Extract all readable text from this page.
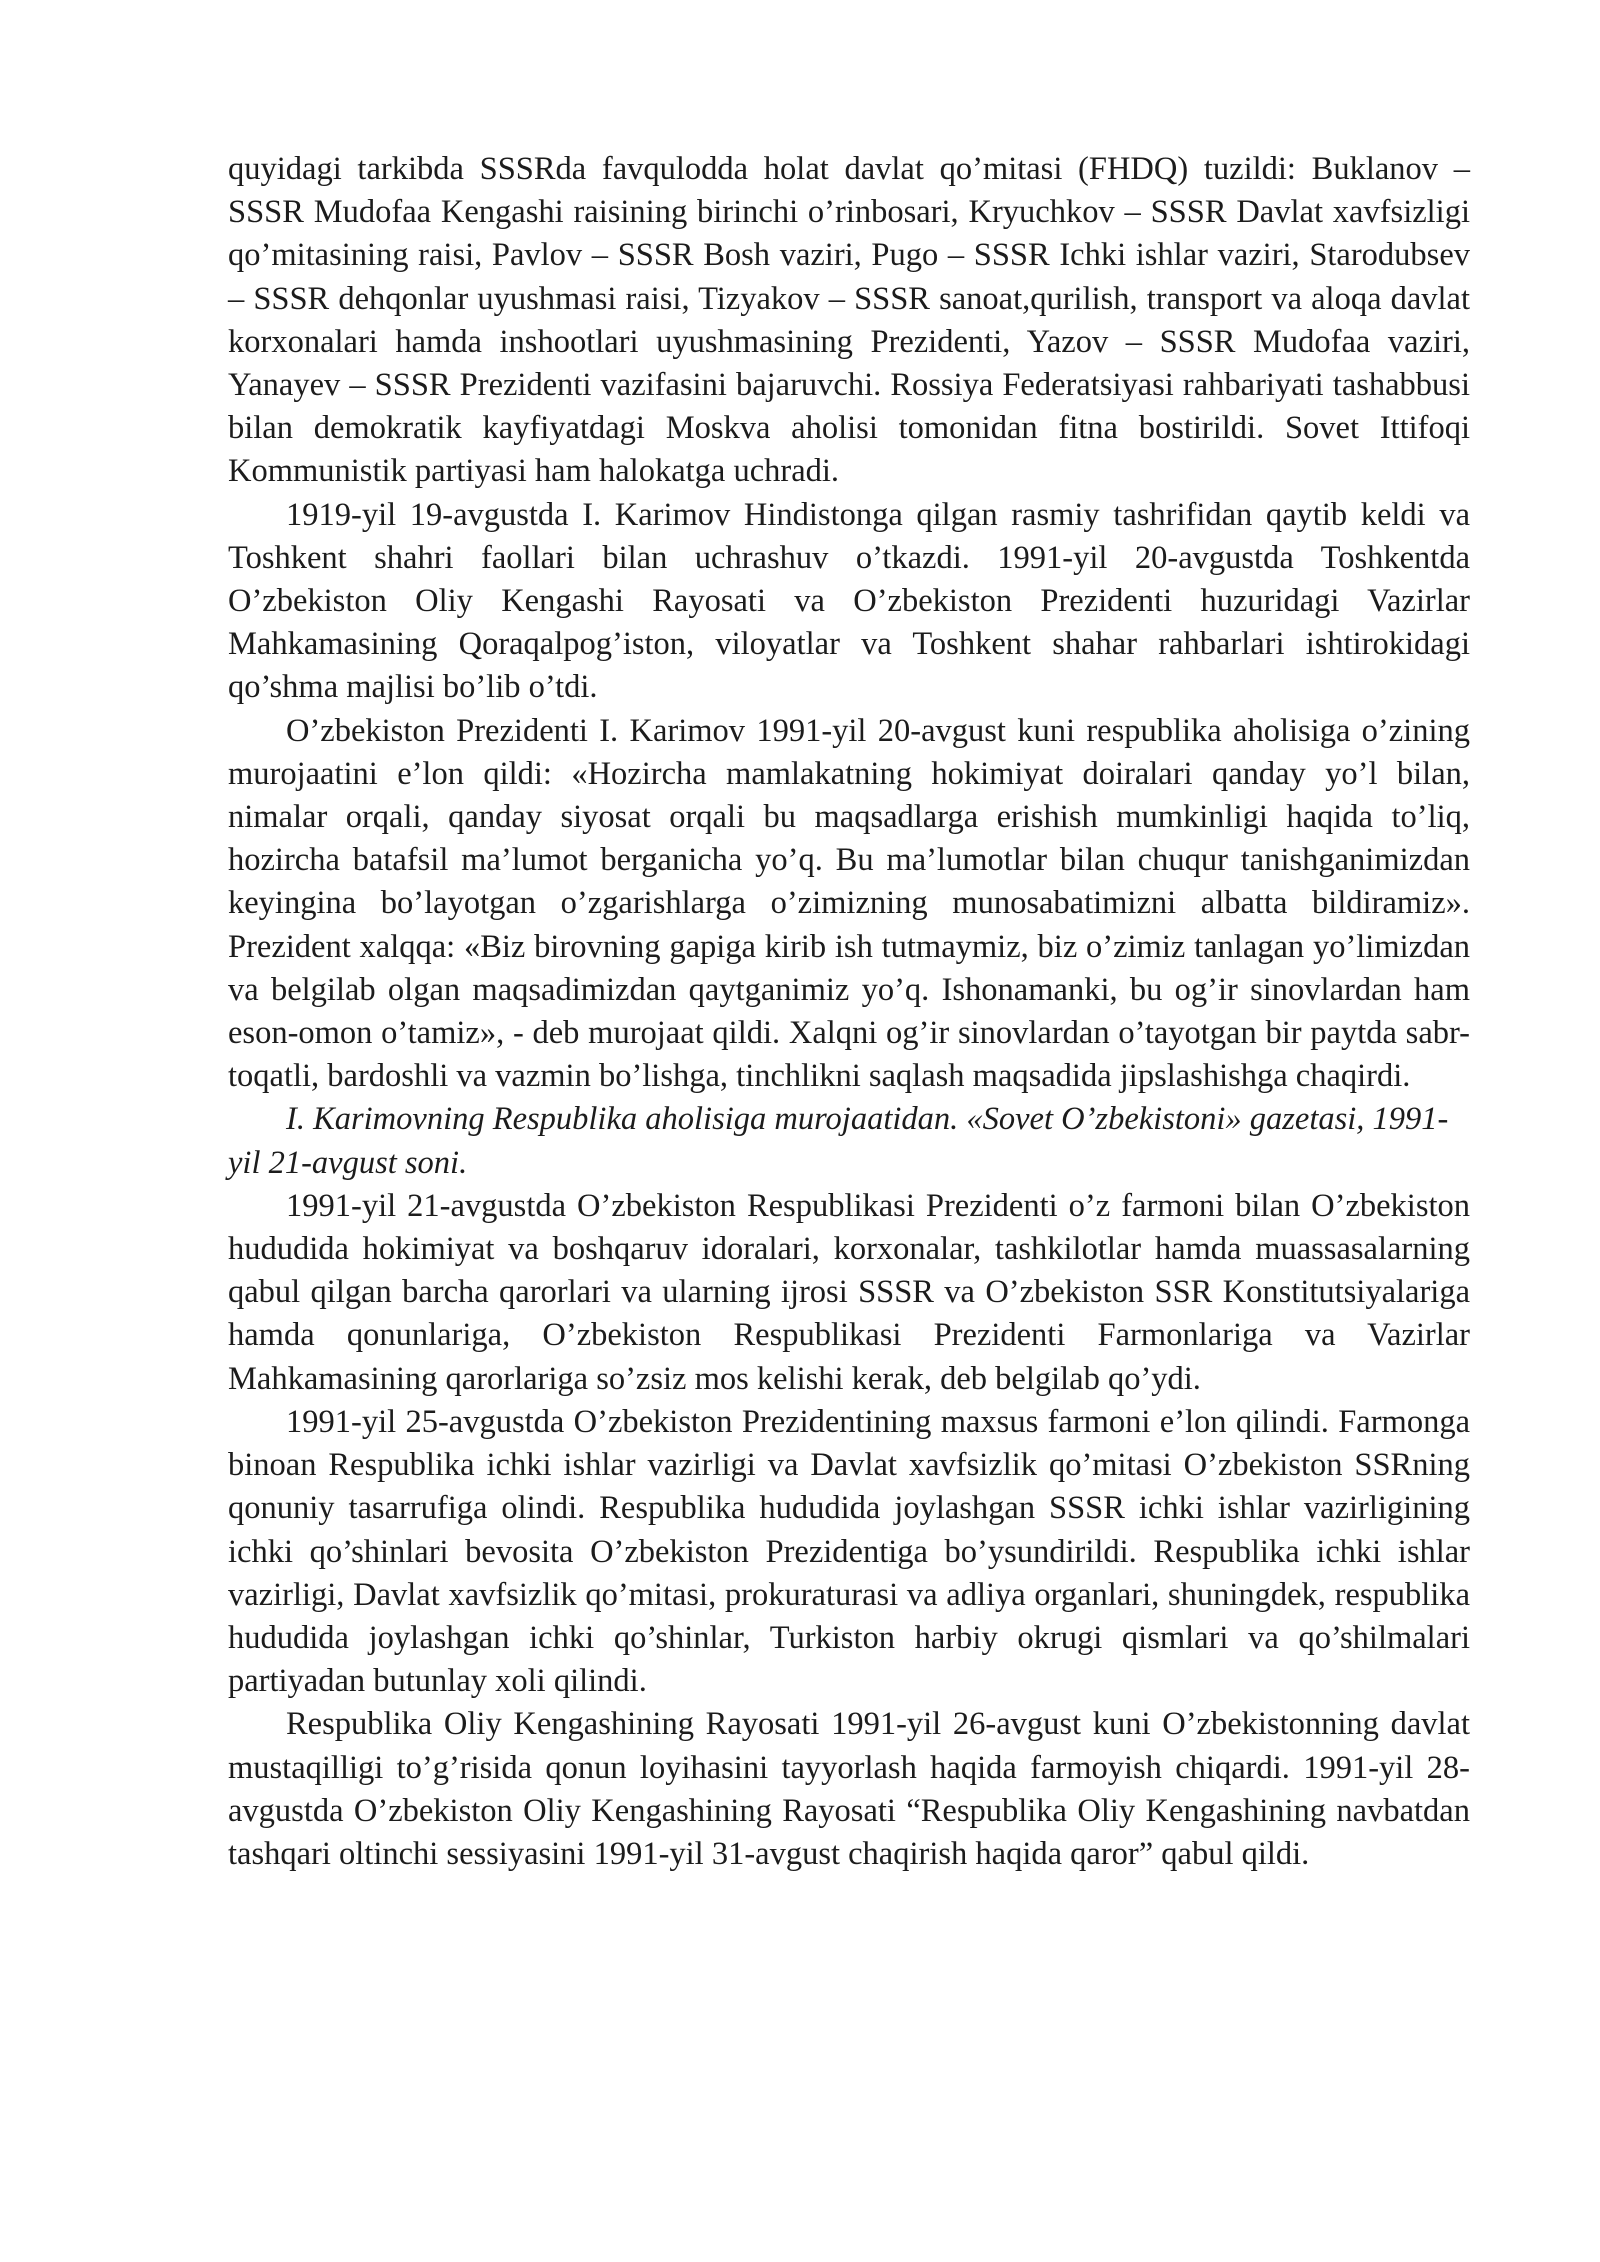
quyidagi tarkibda SSSRda favqulodda holat davlat qo’mitasi (FHDQ) tuzildi: Buklanov – SSSR Mudofaa Kengashi raisining birinchi o’rinbosari, Kryuchkov – SSSR Davlat xavfsizligi qo’mitasining raisi, Pavlov – SSSR Bosh vaziri, Pugo – SSSR Ichki ishlar vaziri, Starodubsev – SSSR dehqonlar uyushmasi raisi, Tizyakov – SSSR sanoat,qurilish, transport va aloqa davlat korxonalari hamda inshootlari uyushmasining Prezidenti, Yazov – SSSR Mudofaa vaziri, Yanayev – SSSR Prezidenti vazifasini bajaruvchi. Rossiya Federatsiyasi rahbariyati tashabbusi bilan demokratik kayfiyatdagi Moskva aholisi tomonidan fitna bostirildi. Sovet Ittifoqi Kommunistik partiyasi ham halokatga uchradi.

1919-yil 19-avgustda I. Karimov Hindistonga qilgan rasmiy tashrifidan qaytib keldi va Toshkent shahri faollari bilan uchrashuv o’tkazdi. 1991-yil 20-avgustda Toshkentda O’zbekiston Oliy Kengashi Rayosati va O’zbekiston Prezidenti huzuridagi Vazirlar Mahkamasining Qoraqalpog’iston, viloyatlar va Toshkent shahar rahbarlari ishtirokidagi qo’shma majlisi bo’lib o’tdi.

O’zbekiston Prezidenti I. Karimov 1991-yil 20-avgust kuni respublika aholisiga o’zining murojaatini e’lon qildi: «Hozircha mamlakatning hokimiyat doiralari qanday yo’l bilan, nimalar orqali, qanday siyosat orqali bu maqsadlarga erishish mumkinligi haqida to’liq, hozircha batafsil ma’lumot berganicha yo’q. Bu ma’lumotlar bilan chuqur tanishganimizdan keyingina bo’layotgan o’zgarishlarga o’zimizning munosabatimizni albatta bildiramiz». Prezident xalqqa: «Biz birovning gapiga kirib ish tutmaymiz, biz o’zimiz tanlagan yo’limizdan va belgilab olgan maqsadimizdan qaytganimiz yo’q. Ishonamanki, bu og’ir sinovlardan ham eson-omon o’tamiz», - deb murojaat qildi. Xalqni og’ir sinovlardan o’tayotgan bir paytda sabr-toqatli, bardoshli va vazmin bo’lishga, tinchlikni saqlash maqsadida jipslashishga chaqirdi.

I. Karimovning Respublika aholisiga murojaatidan. «Sovet O’zbekistoni» gazetasi, 1991-yil 21-avgust soni.

1991-yil 21-avgustda O’zbekiston Respublikasi Prezidenti o’z farmoni bilan O’zbekiston hududida hokimiyat va boshqaruv idoralari, korxonalar, tashkilotlar hamda muassasalarning qabul qilgan barcha qarorlari va ularning ijrosi SSSR va O’zbekiston SSR Konstitutsiyalariga hamda qonunlariga, O’zbekiston Respublikasi Prezidenti Farmonlariga va Vazirlar Mahkamasining qarorlariga so’zsiz mos kelishi kerak, deb belgilab qo’ydi.

1991-yil 25-avgustda O’zbekiston Prezidentining maxsus farmoni e’lon qilindi. Farmonga binoan Respublika ichki ishlar vazirligi va Davlat xavfsizlik qo’mitasi O’zbekiston SSRning qonuniy tasarrufiga olindi. Respublika hududida joylashgan SSSR ichki ishlar vazirligining ichki qo’shinlari bevosita O’zbekiston Prezidentiga bo’ysundirildi. Respublika ichki ishlar vazirligi, Davlat xavfsizlik qo’mitasi, prokuraturasi va adliya organlari, shuningdek, respublika hududida joylashgan ichki qo’shinlar, Turkiston harbiy okrugi qismlari va qo’shilmalari partiyadan butunlay xoli qilindi.

Respublika Oliy Kengashining Rayosati 1991-yil 26-avgust kuni O’zbekistonning davlat mustaqilligi to’g’risida qonun loyihasini tayyorlash haqida farmoyish chiqardi. 1991-yil 28-avgustda O’zbekiston Oliy Kengashining Rayosati “Respublika Oliy Kengashining navbatdan tashqari oltinchi sessiyasini 1991-yil 31-avgust chaqirish haqida qaror” qabul qildi.
